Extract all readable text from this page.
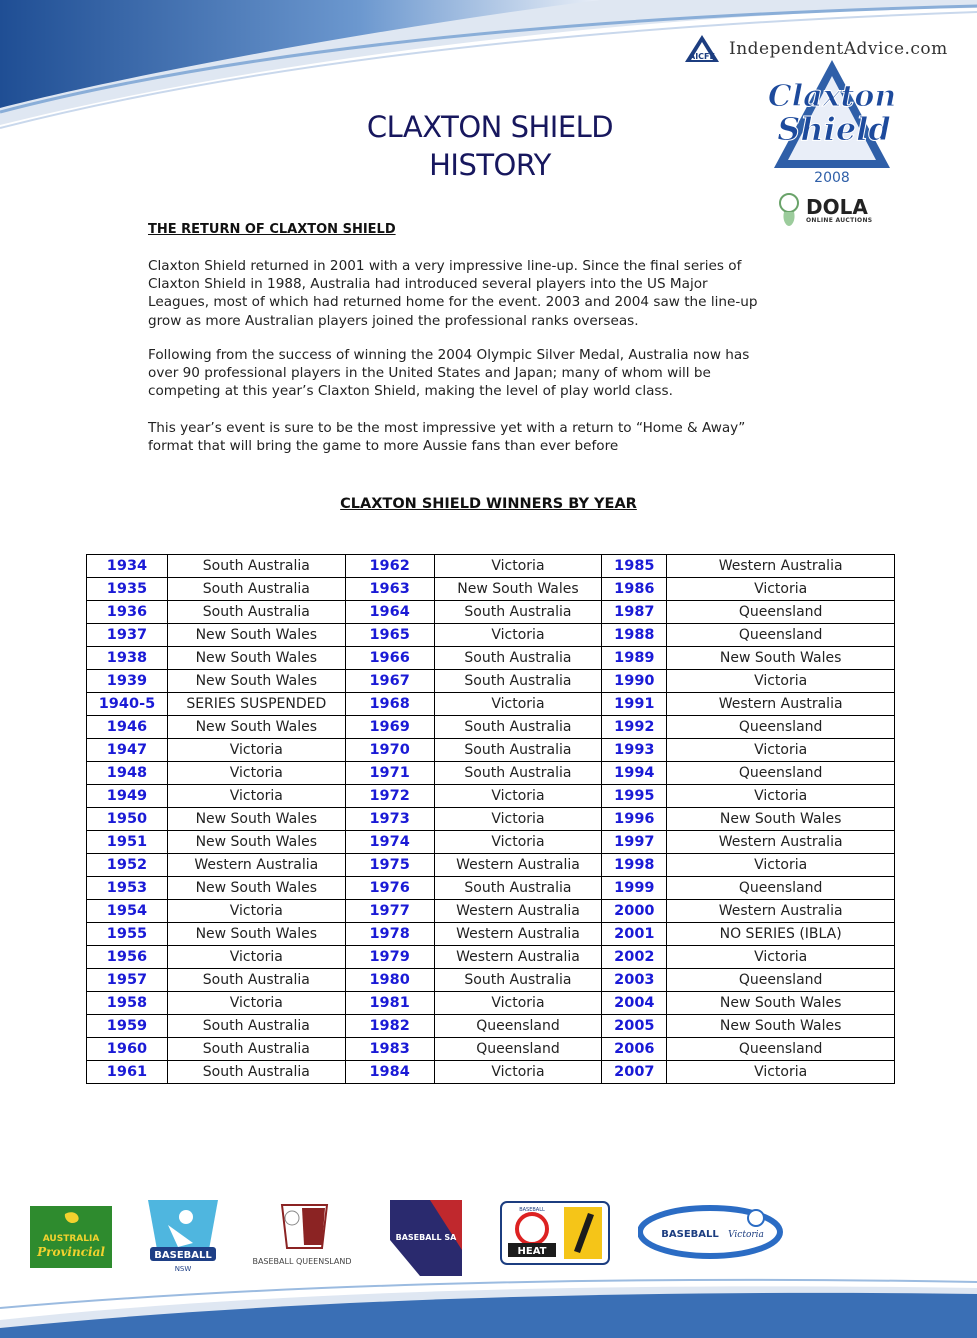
AICFE IndependentAdvice.com
Claxton
Shield
2008
DOLA
ONLINE AUCTIONS
CLAXTON SHIELD
HISTORY
THE RETURN OF CLAXTON SHIELD

Claxton Shield returned in 2001 with a very impressive line-up. Since the final series of
Claxton Shield in 1988, Australia had introduced several players into the US Major
Leagues, most of which had returned home for the event. 2003 and 2004 saw the line-up
grow as more Australian players joined the professional ranks overseas.

Following from the success of winning the 2004 Olympic Silver Medal, Australia now has
over 90 professional players in the United States and Japan; many of whom will be
competing at this year’s Claxton Shield, making the level of play world class.

This year’s event is sure to be the most impressive yet with a return to “Home & Away”
format that will bring the game to more Aussie fans than ever before

CLAXTON SHIELD WINNERS BY YEAR
1934	South Australia	1962	Victoria	1985	Western Australia
1935	South Australia	1963	New South Wales	1986	Victoria
1936	South Australia	1964	South Australia	1987	Queensland
1937	New South Wales	1965	Victoria	1988	Queensland
1938	New South Wales	1966	South Australia	1989	New South Wales
1939	New South Wales	1967	South Australia	1990	Victoria
1940-5	SERIES SUSPENDED	1968	Victoria	1991	Western Australia
1946	New South Wales	1969	South Australia	1992	Queensland
1947	Victoria	1970	South Australia	1993	Victoria
1948	Victoria	1971	South Australia	1994	Queensland
1949	Victoria	1972	Victoria	1995	Victoria
1950	New South Wales	1973	Victoria	1996	New South Wales
1951	New South Wales	1974	Victoria	1997	Western Australia
1952	Western Australia	1975	Western Australia	1998	Victoria
1953	New South Wales	1976	South Australia	1999	Queensland
1954	Victoria	1977	Western Australia	2000	Western Australia
1955	New South Wales	1978	Western Australia	2001	NO SERIES (IBLA)
1956	Victoria	1979	Western Australia	2002	Victoria
1957	South Australia	1980	South Australia	2003	Queensland
1958	Victoria	1981	Victoria	2004	New South Wales
1959	South Australia	1982	Queensland	2005	New South Wales
1960	South Australia	1983	Queensland	2006	Queensland
1961	South Australia	1984	Victoria	2007	Victoria
AUSTRALIA
Provincial	BASEBALL
NSW
BASEBALL QUEENSLAND
BASEBALL SA
HEAT
BASEBALL
BASEBALL Victoria
